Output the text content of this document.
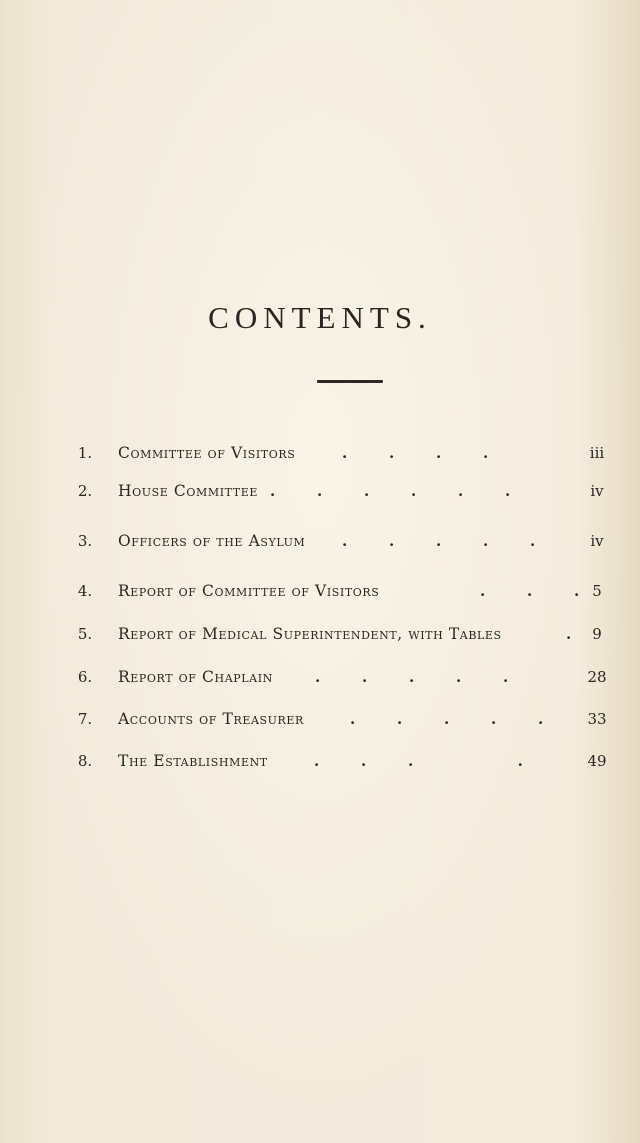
CONTENTS.
1.	Committee of Visitors	.        .        .        .	iii
2.	House Committee .        .        .        .        .        .	iv
3.	Officers of the Asylum .        .        .        .        .	iv
4.	Report of Committee of Visitors	.        .        . 5
5.	Report of Medical Superintendent, with Tables	.	9
6.	Report of Chaplain	.        .        .        .        .	28
7.	Accounts of Treasurer	.        .        .        .        .	33
8.	The Establishment	.        .        .                    .	49
